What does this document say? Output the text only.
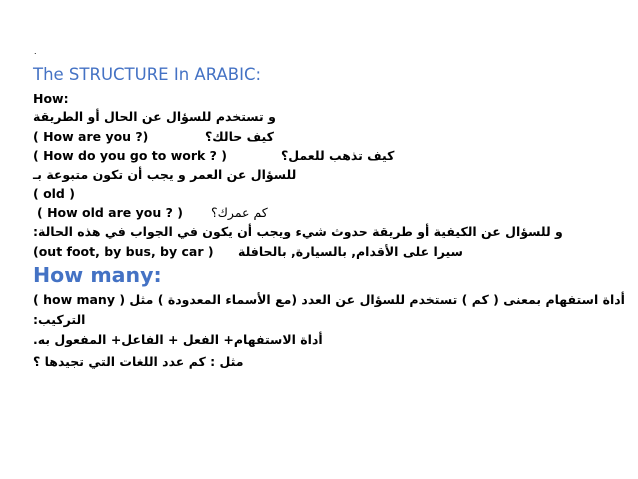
.
The STRUCTURE In ARABIC:
How:
و تستخدم للسؤال عن الحال أو الطريقة
( How are you ?)	كيف حالك؟
( How do you go to work ? )	كيف تذهب للعمل؟
للسؤال عن العمر و يجب أن تكون متبوعة بـ
( old )
( How old are you ? ) كم عمرك؟
و للسؤال عن الكيفية أو طريقة حدوث شيء ويجب أن يكون في الجواب في هذه الحالة:
(out foot, by bus, by car ) سيرا على الأقدام, بالسيارة, بالحافلة
How many:
أداة استفهام بمعنى ( كم ) تستخدم للسؤال عن العدد (مع الأسماء المعدودة ) مثل ( how many )
التركيب:
أداة الاستفهام+ الفعل + الفاعل+ المفعول به.
مثل : كم عدد اللغات التي تجيدها ؟
